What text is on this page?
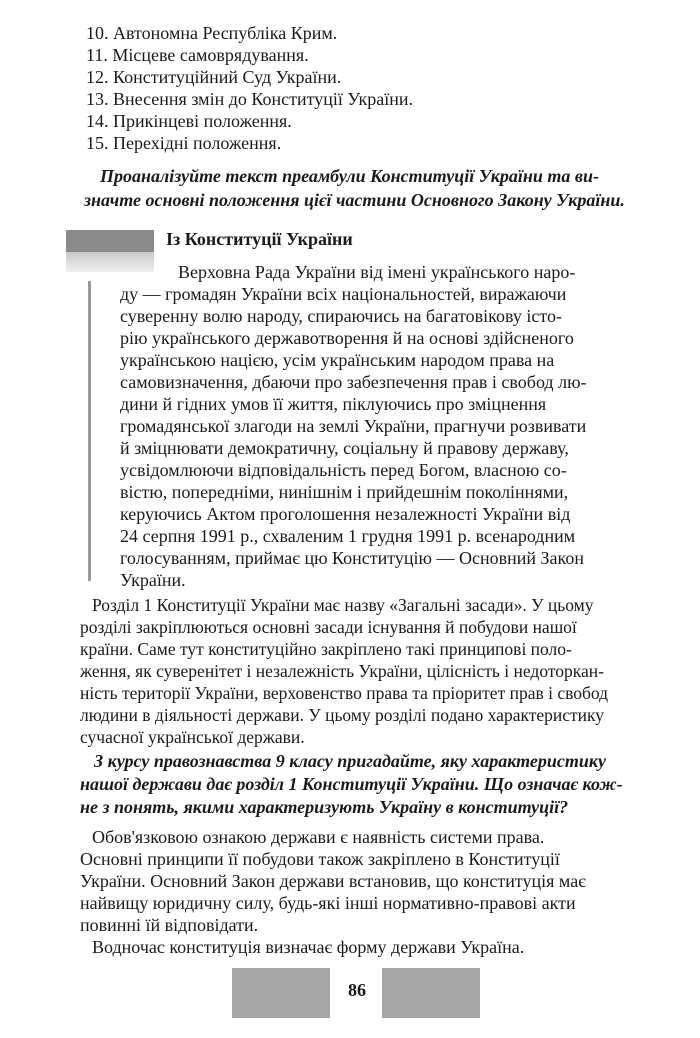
10. Автономна Республіка Крим.
11. Місцеве самоврядування.
12. Конституційний Суд України.
13. Внесення змін до Конституції України.
14. Прикінцеві положення.
15. Перехідні положення.

Проаналізуйте текст преамбули Конституції України та ви-

значте основні положення цієї частини Основного Закону України.

Із Конституції України

Верховна Рада України від імені українського наро-

ду — громадян України всіх національностей, виражаючи

суверенну волю народу, спираючись на багатовікову істо-

рію українського державотворення й на основі здійсненого

українською нацією, усім українським народом права на

самовизначення, дбаючи про забезпечення прав і свобод лю-

дини й гідних умов її життя, піклуючись про зміцнення

громадянської злагоди на землі України, прагнучи розвивати

й зміцнювати демократичну, соціальну й правову державу,

усвідомлюючи відповідальність перед Богом, власною со-

вістю, попередніми, нинішнім і прийдешнім поколіннями,

керуючись Актом проголошення незалежності України від

24 серпня 1991 р., схваленим 1 грудня 1991 р. всенародним

голосуванням, приймає цю Конституцію — Основний Закон

України.

Розділ 1 Конституції України має назву «Загальні засади». У цьому

розділі закріплюються основні засади існування й побудови нашої

країни. Саме тут конституційно закріплено такі принципові поло-

ження, як суверенітет і незалежність України, цілісність і недоторкан-

ність території України, верховенство права та пріоритет прав і свобод

людини в діяльності держави. У цьому розділі подано характеристику

сучасної української держави.

З курсу правознавства 9 класу пригадайте, яку характеристику

нашої держави дає розділ 1 Конституції України. Що означає кож-

не з понять, якими характеризують Україну в конституції?

Обов'язковою ознакою держави є наявність системи права.

Основні принципи її побудови також закріплено в Конституції

України. Основний Закон держави встановив, що конституція має

найвищу юридичну силу, будь-які інші нормативно-правові акти

повинні їй відповідати.

Водночас конституція визначає форму держави Україна.

86
